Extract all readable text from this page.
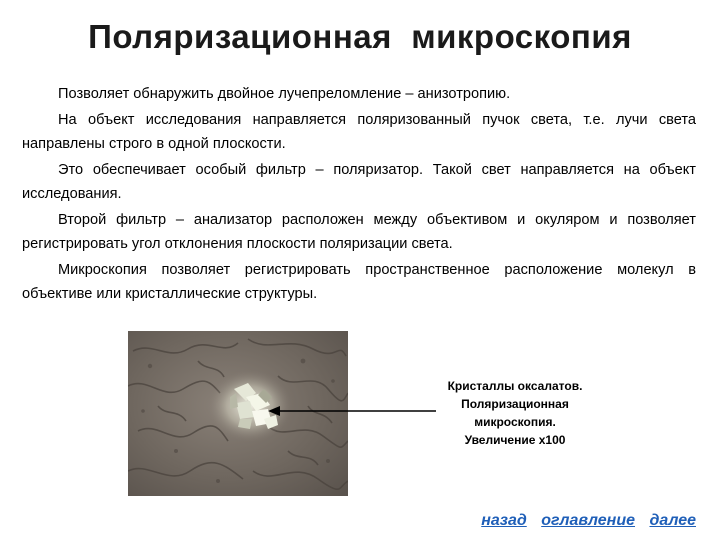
Поляризационная  микроскопия

Позволяет обнаружить двойное лучепреломление – анизотропию.

На объект исследования направляется поляризованный пучок света, т.е. лучи света направлены строго в одной плоскости.

Это обеспечивает особый фильтр – поляризатор. Такой свет направляется на объект исследования.

Второй фильтр – анализатор расположен между объективом и окуляром и позволяет регистрировать угол отклонения плоскости поляризации света.

Микроскопия позволяет регистрировать пространственное расположение молекул в объективе или кристаллические структуры.

Кристаллы оксалатов.
Поляризационная
микроскопия.
Увеличение х100
назад оглавление далее
